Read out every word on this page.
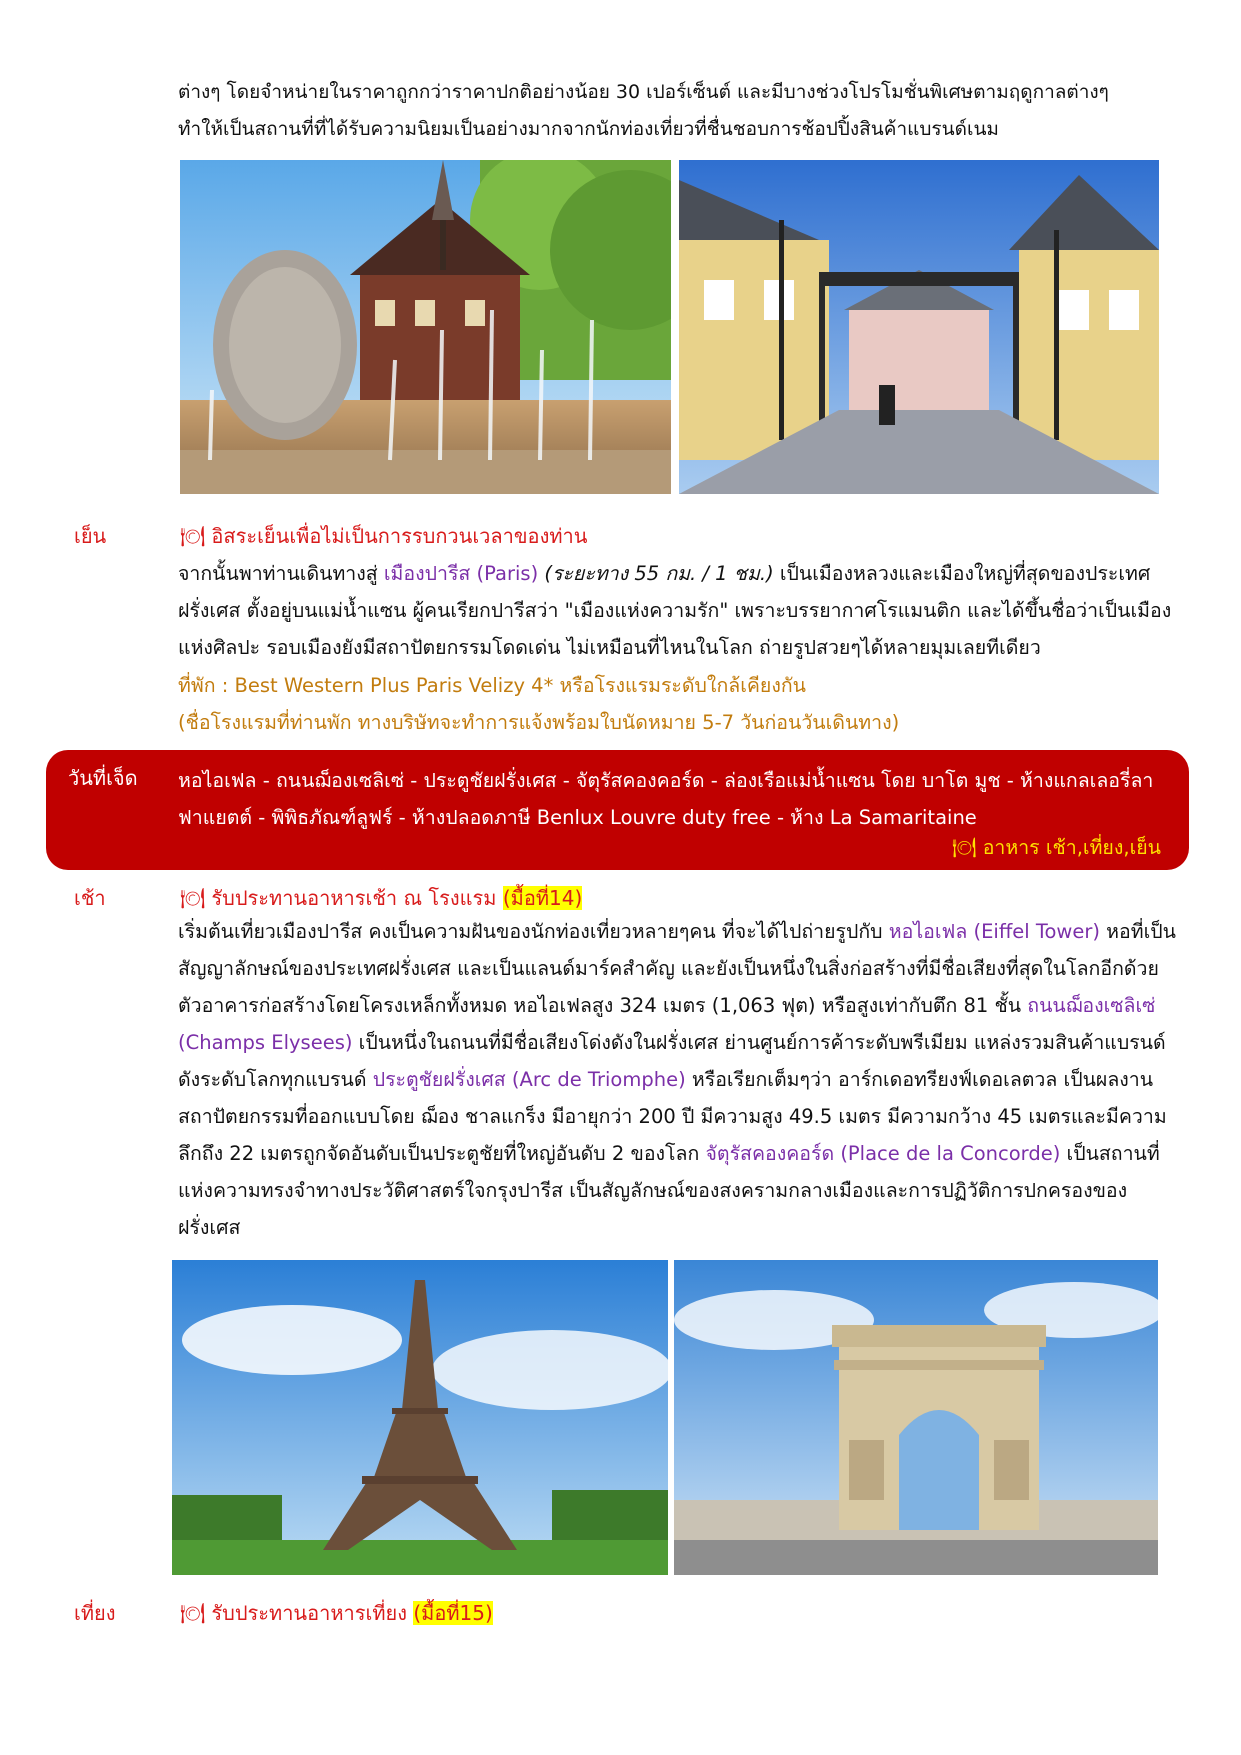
ต่างๆ โดยจำหน่ายในราคาถูกกว่าราคาปกติอย่างน้อย 30 เปอร์เซ็นต์ และมีบางช่วงโปรโมชั่นพิเศษตามฤดูกาลต่างๆ
ทำให้เป็นสถานที่ที่ได้รับความนิยมเป็นอย่างมากจากนักท่องเที่ยวที่ชื่นชอบการช้อปปิ้งสินค้าแบรนด์เนม
เย็น	🍽 อิสระเย็นเพื่อไม่เป็นการรบกวนเวลาของท่าน
จากนั้นพาท่านเดินทางสู่ เมืองปารีส (Paris) (ระยะทาง 55 กม. / 1 ชม.) เป็นเมืองหลวงและเมืองใหญ่ที่สุดของประเทศฝรั่งเศส ตั้งอยู่บนแม่น้ำแซน ผู้คนเรียกปารีสว่า "เมืองแห่งความรัก" เพราะบรรยากาศโรแมนติก และได้ขึ้นชื่อว่าเป็นเมืองแห่งศิลปะ รอบเมืองยังมีสถาปัตยกรรมโดดเด่น ไม่เหมือนที่ไหนในโลก ถ่ายรูปสวยๆได้หลายมุมเลยทีเดียว
ที่พัก : Best Western Plus Paris Velizy 4* หรือโรงแรมระดับใกล้เคียงกัน
(ชื่อโรงแรมที่ท่านพัก ทางบริษัทจะทำการแจ้งพร้อมใบนัดหมาย 5-7 วันก่อนวันเดินทาง)
วันที่เจ็ด หอไอเฟล - ถนนฌ็องเซลิเซ่ - ประตูชัยฝรั่งเศส - จัตุรัสคองคอร์ด - ล่องเรือแม่น้ำแซน โดย บาโต มูช - ห้างแกลเลอรี่ลาฟาแยตต์ - พิพิธภัณฑ์ลูฟร์ - ห้างปลอดภาษี Benlux Louvre duty free - ห้าง La Samaritaine
🍽 อาหาร เช้า,เที่ยง,เย็น
เช้า	🍽 รับประทานอาหารเช้า ณ โรงแรม (มื้อที่14)
เริ่มต้นเที่ยวเมืองปารีส คงเป็นความฝันของนักท่องเที่ยวหลายๆคน ที่จะได้ไปถ่ายรูปกับ หอไอเฟล (Eiffel Tower) หอที่เป็นสัญญาลักษณ์ของประเทศฝรั่งเศส และเป็นแลนด์มาร์คสำคัญ และยังเป็นหนึ่งในสิ่งก่อสร้างที่มีชื่อเสียงที่สุดในโลกอีกด้วย ตัวอาคารก่อสร้างโดยโครงเหล็กทั้งหมด หอไอเฟลสูง 324 เมตร (1,063 ฟุต) หรือสูงเท่ากับตึก 81 ชั้น ถนนฌ็องเซลิเซ่ (Champs Elysees) เป็นหนึ่งในถนนที่มีชื่อเสียงโด่งดังในฝรั่งเศส ย่านศูนย์การค้าระดับพรีเมียม แหล่งรวมสินค้าแบรนด์ดังระดับโลกทุกแบรนด์ ประตูชัยฝรั่งเศส (Arc de Triomphe) หรือเรียกเต็มๆว่า อาร์กเดอทรียงฟ์เดอเลตวล เป็นผลงานสถาปัตยกรรมที่ออกแบบโดย ฌ็อง ชาลแกร็ง มีอายุกว่า 200 ปี มีความสูง 49.5 เมตร มีความกว้าง 45 เมตรและมีความลึกถึง 22 เมตรถูกจัดอันดับเป็นประตูชัยที่ใหญ่อันดับ 2 ของโลก จัตุรัสคองคอร์ด (Place de la Concorde) เป็นสถานที่แห่งความทรงจำทางประวัติศาสตร์ใจกรุงปารีส เป็นสัญลักษณ์ของสงครามกลางเมืองและการปฏิวัติการปกครองของฝรั่งเศส
เที่ยง	🍽 รับประทานอาหารเที่ยง (มื้อที่15)
